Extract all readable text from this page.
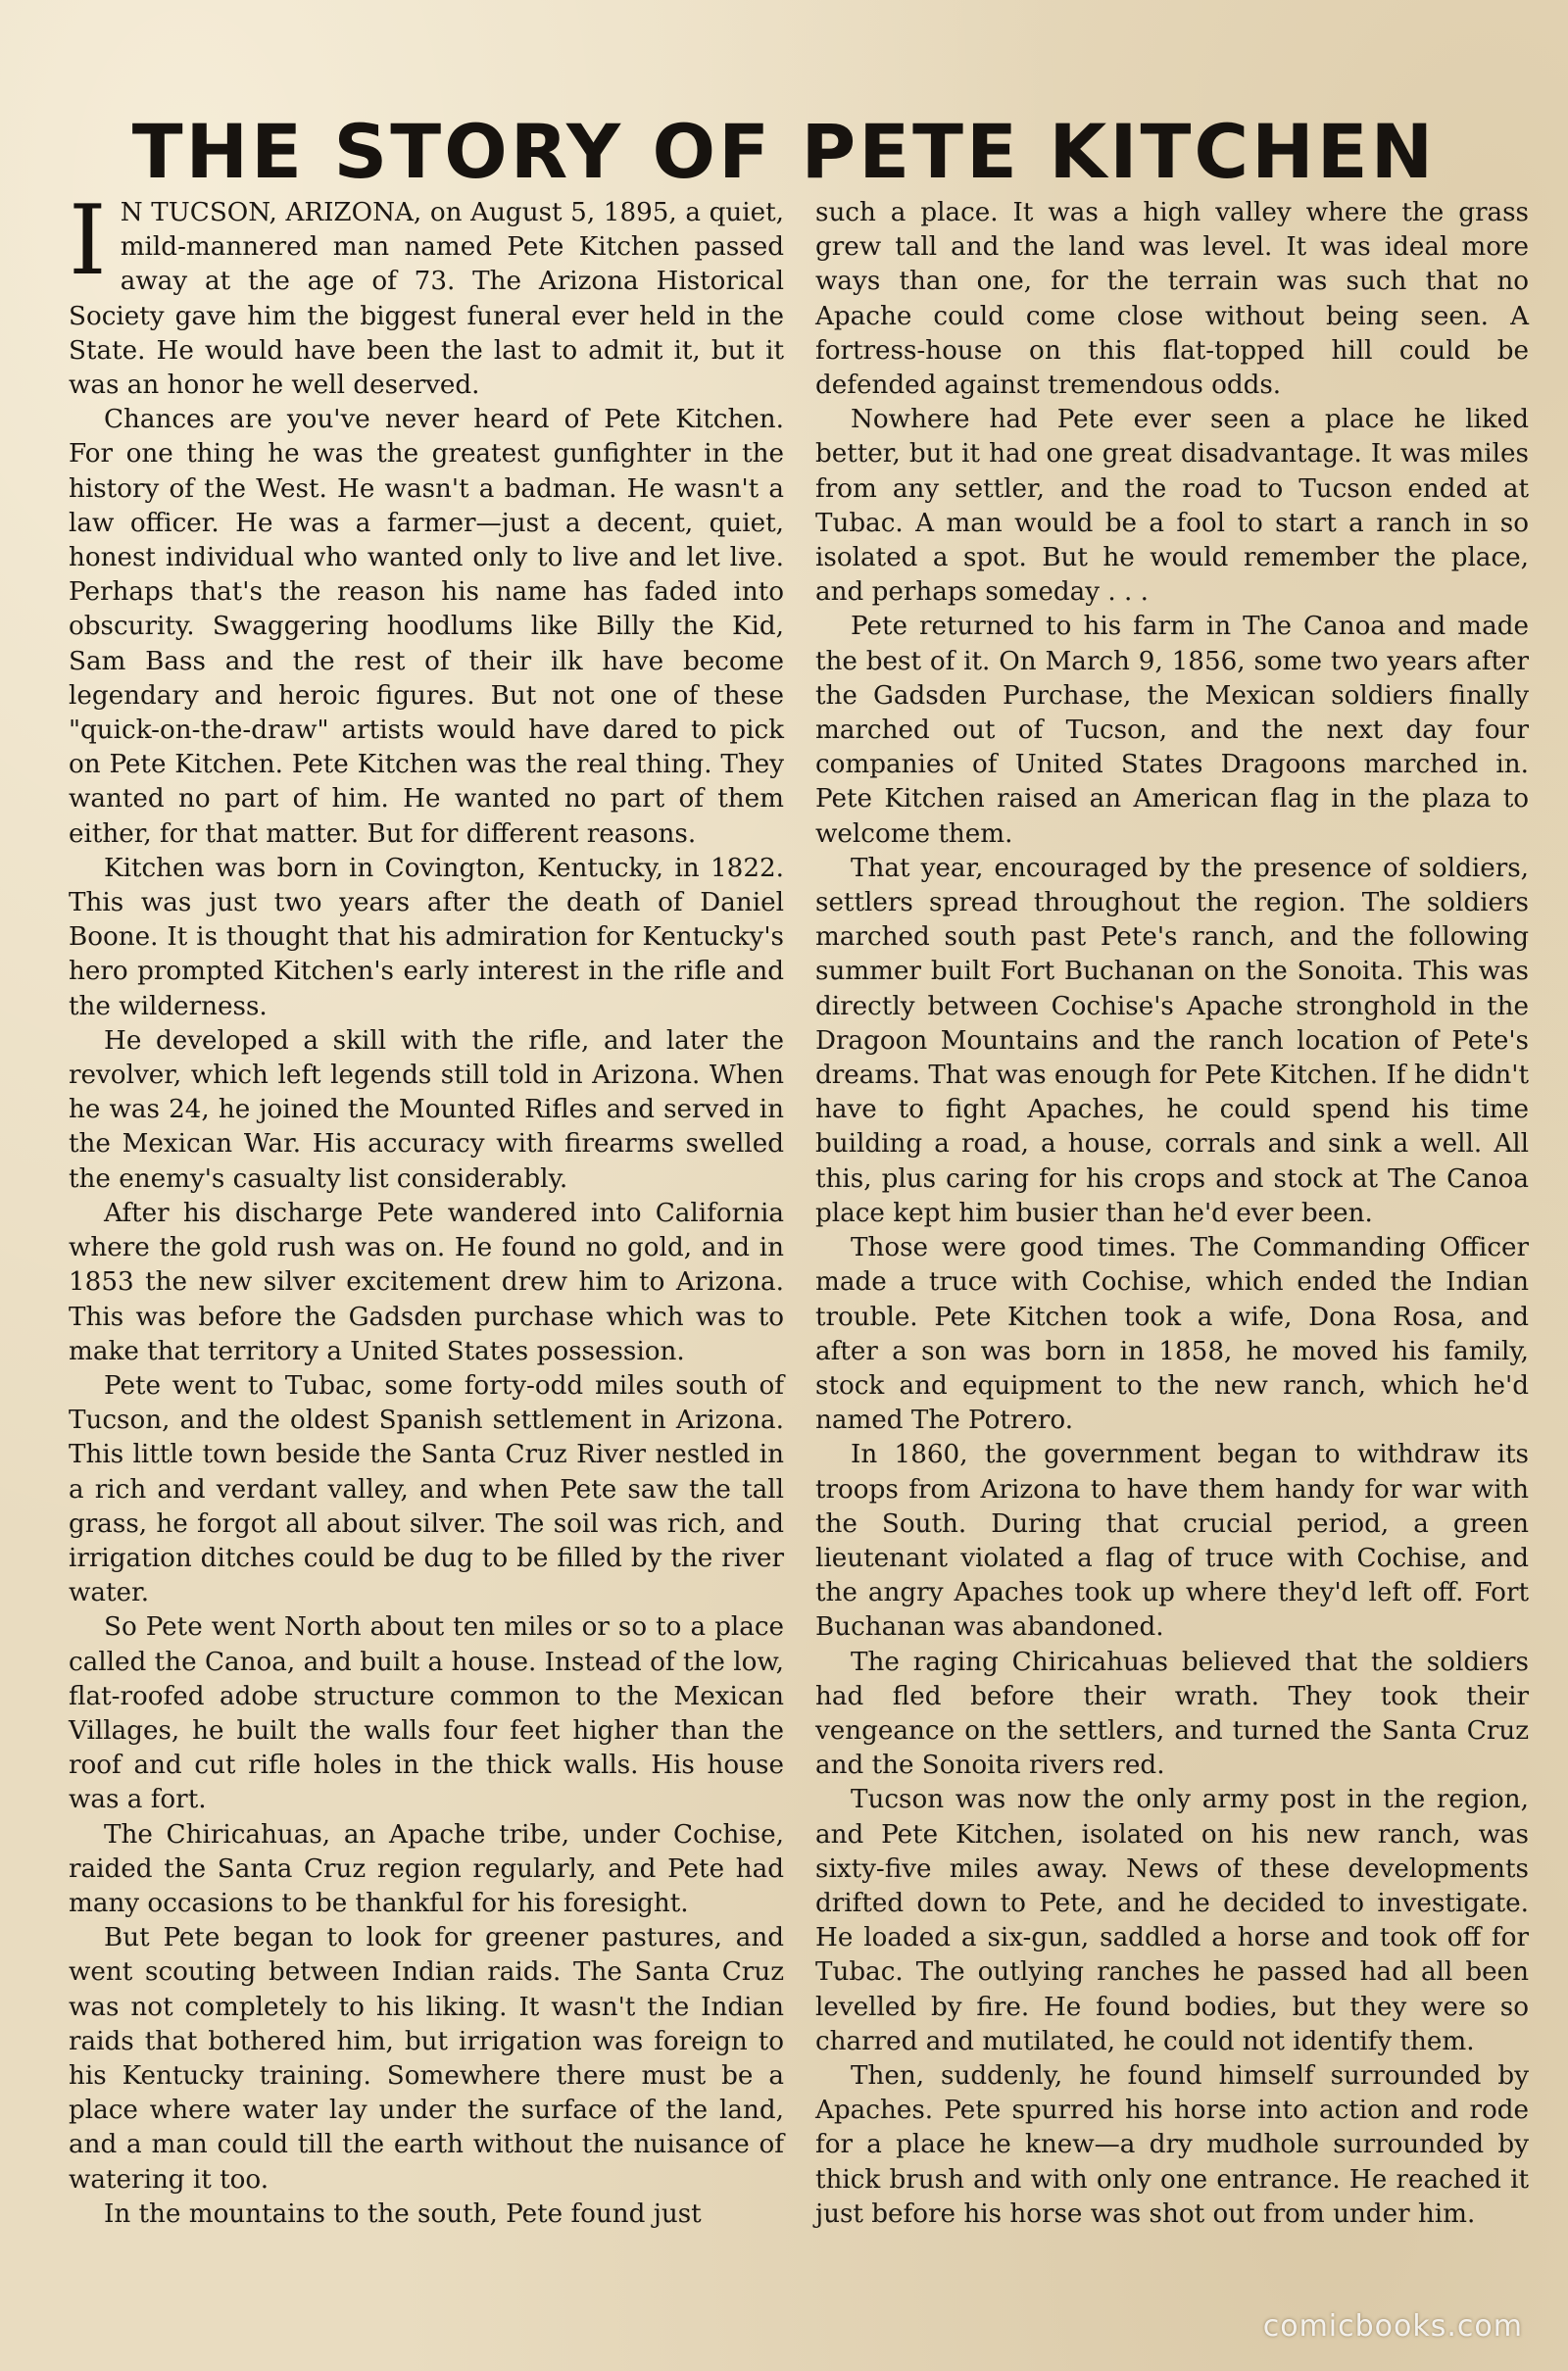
THE STORY OF PETE KITCHEN

I N TUCSON, ARIZONA, on August 5, 1895, a quiet, mild-mannered man named Pete Kitchen passed away at the age of 73. The Arizona Historical Society gave him the biggest funeral ever held in the State. He would have been the last to admit it, but it was an honor he well deserved.

Chances are you've never heard of Pete Kitchen. For one thing he was the greatest gunfighter in the history of the West. He wasn't a badman. He wasn't a law officer. He was a farmer—just a decent, quiet, honest individual who wanted only to live and let live. Perhaps that's the reason his name has faded into obscurity. Swaggering hoodlums like Billy the Kid, Sam Bass and the rest of their ilk have become legendary and heroic figures. But not one of these "quick-on-the-draw" artists would have dared to pick on Pete Kitchen. Pete Kitchen was the real thing. They wanted no part of him. He wanted no part of them either, for that matter. But for different reasons.

Kitchen was born in Covington, Kentucky, in 1822. This was just two years after the death of Daniel Boone. It is thought that his admiration for Kentucky's hero prompted Kitchen's early interest in the rifle and the wilderness.

He developed a skill with the rifle, and later the revolver, which left legends still told in Arizona. When he was 24, he joined the Mounted Rifles and served in the Mexican War. His accuracy with firearms swelled the enemy's casualty list considerably.

After his discharge Pete wandered into California where the gold rush was on. He found no gold, and in 1853 the new silver excitement drew him to Arizona. This was before the Gadsden purchase which was to make that territory a United States possession.

Pete went to Tubac, some forty-odd miles south of Tucson, and the oldest Spanish settlement in Arizona. This little town beside the Santa Cruz River nestled in a rich and verdant valley, and when Pete saw the tall grass, he forgot all about silver. The soil was rich, and irrigation ditches could be dug to be filled by the river water.

So Pete went North about ten miles or so to a place called the Canoa, and built a house. Instead of the low, flat-roofed adobe structure common to the Mexican Villages, he built the walls four feet higher than the roof and cut rifle holes in the thick walls. His house was a fort.

The Chiricahuas, an Apache tribe, under Cochise, raided the Santa Cruz region regularly, and Pete had many occasions to be thankful for his foresight.

But Pete began to look for greener pastures, and went scouting between Indian raids. The Santa Cruz was not completely to his liking. It wasn't the Indian raids that bothered him, but irrigation was foreign to his Kentucky training. Somewhere there must be a place where water lay under the surface of the land, and a man could till the earth without the nuisance of watering it too.

In the mountains to the south, Pete found just

such a place. It was a high valley where the grass grew tall and the land was level. It was ideal more ways than one, for the terrain was such that no Apache could come close without being seen. A fortress-house on this flat-topped hill could be defended against tremendous odds.

Nowhere had Pete ever seen a place he liked better, but it had one great disadvantage. It was miles from any settler, and the road to Tucson ended at Tubac. A man would be a fool to start a ranch in so isolated a spot. But he would remember the place, and perhaps someday . . .

Pete returned to his farm in The Canoa and made the best of it. On March 9, 1856, some two years after the Gadsden Purchase, the Mexican soldiers finally marched out of Tucson, and the next day four companies of United States Dragoons marched in. Pete Kitchen raised an American flag in the plaza to welcome them.

That year, encouraged by the presence of soldiers, settlers spread throughout the region. The soldiers marched south past Pete's ranch, and the following summer built Fort Buchanan on the Sonoita. This was directly between Cochise's Apache stronghold in the Dragoon Mountains and the ranch location of Pete's dreams. That was enough for Pete Kitchen. If he didn't have to fight Apaches, he could spend his time building a road, a house, corrals and sink a well. All this, plus caring for his crops and stock at The Canoa place kept him busier than he'd ever been.

Those were good times. The Commanding Officer made a truce with Cochise, which ended the Indian trouble. Pete Kitchen took a wife, Dona Rosa, and after a son was born in 1858, he moved his family, stock and equipment to the new ranch, which he'd named The Potrero.

In 1860, the government began to withdraw its troops from Arizona to have them handy for war with the South. During that crucial period, a green lieutenant violated a flag of truce with Cochise, and the angry Apaches took up where they'd left off. Fort Buchanan was abandoned.

The raging Chiricahuas believed that the soldiers had fled before their wrath. They took their vengeance on the settlers, and turned the Santa Cruz and the Sonoita rivers red.

Tucson was now the only army post in the region, and Pete Kitchen, isolated on his new ranch, was sixty-five miles away. News of these developments drifted down to Pete, and he decided to investigate. He loaded a six-gun, saddled a horse and took off for Tubac. The outlying ranches he passed had all been levelled by fire. He found bodies, but they were so charred and mutilated, he could not identify them.

Then, suddenly, he found himself surrounded by Apaches. Pete spurred his horse into action and rode for a place he knew—a dry mudhole surrounded by thick brush and with only one entrance. He reached it just before his horse was shot out from under him.

comicbooks.com
